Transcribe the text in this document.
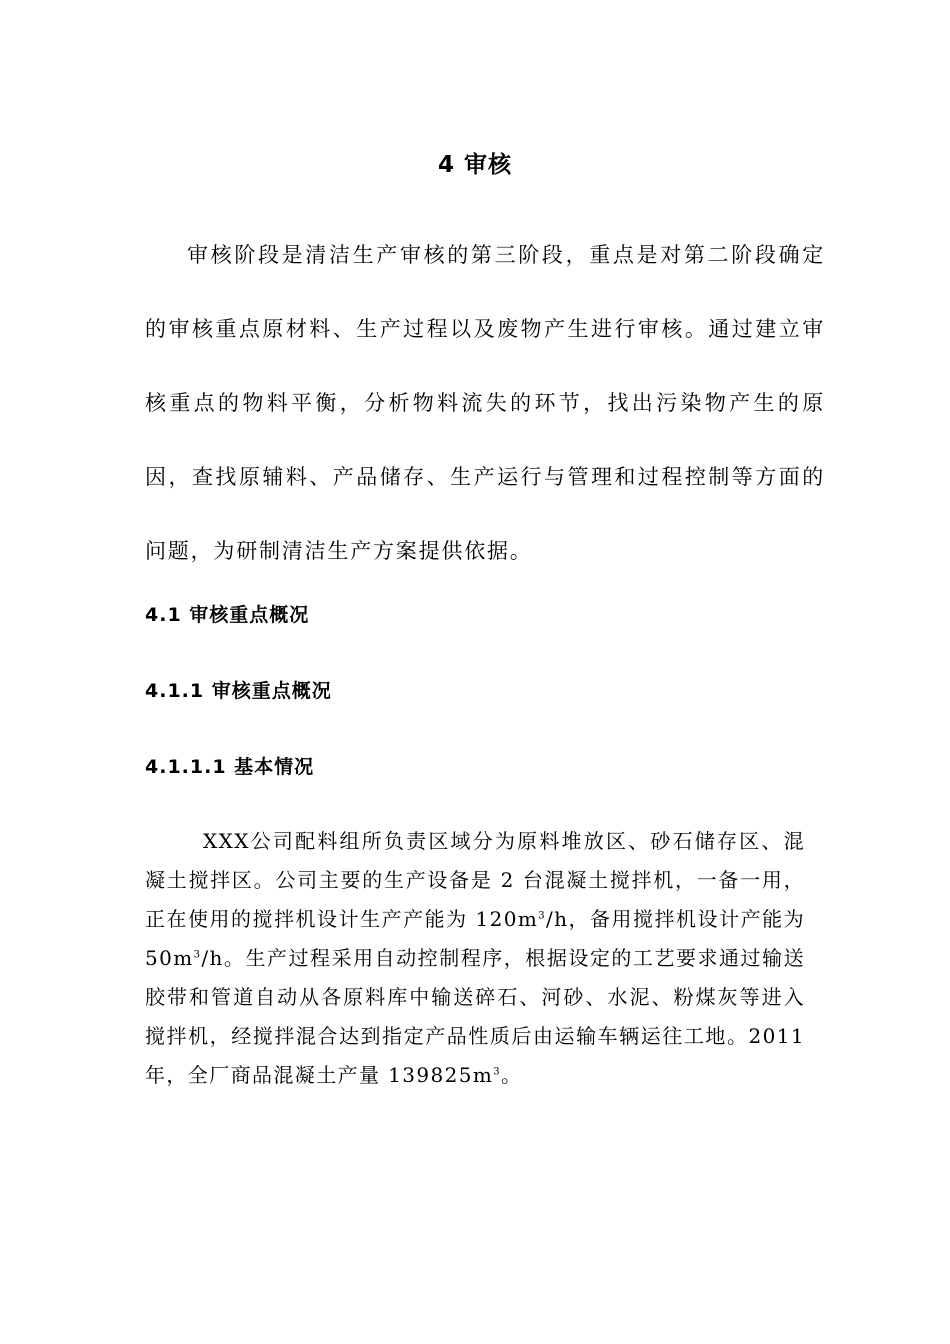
4 审核

审核阶段是清洁生产审核的第三阶段，重点是对第二阶段确定的审核重点原材料、生产过程以及废物产生进行审核。通过建立审核重点的物料平衡，分析物料流失的环节，找出污染物产生的原因，查找原辅料、产品储存、生产运行与管理和过程控制等方面的问题，为研制清洁生产方案提供依据。

4.1 审核重点概况
4.1.1 审核重点概况
4.1.1.1 基本情况

XXX公司配料组所负责区域分为原料堆放区、砂石储存区、混凝土搅拌区。公司主要的生产设备是 2 台混凝土搅拌机，一备一用，正在使用的搅拌机设计生产产能为 $120m^3/h$，备用搅拌机设计产能为 $50m^3/h$。生产过程采用自动控制程序，根据设定的工艺要求通过输送胶带和管道自动从各原料库中输送碎石、河砂、水泥、粉煤灰等进入搅拌机，经搅拌混合达到指定产品性质后由运输车辆运往工地。2011 年，全厂商品混凝土产量 $139825m^3$。
